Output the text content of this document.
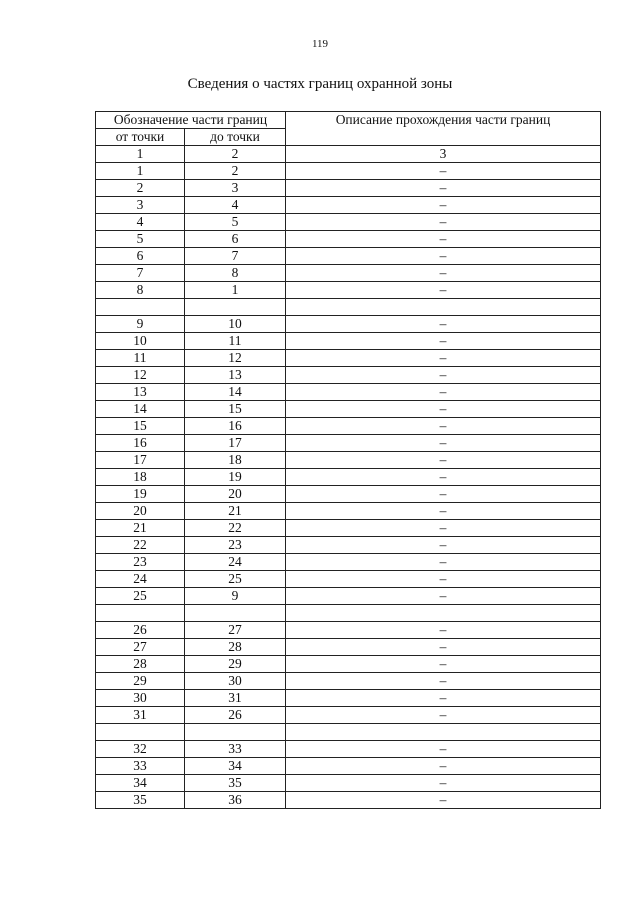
119
Сведения о частях границ охранной зоны
Обозначение части границ		Описание прохождения части границ
от точки	до точки	
1	2	3
1	2	–
2	3	–
3	4	–
4	5	–
5	6	–
6	7	–
7	8	–
8	1	–

9	10	–
10	11	–
11	12	–
12	13	–
13	14	–
14	15	–
15	16	–
16	17	–
17	18	–
18	19	–
19	20	–
20	21	–
21	22	–
22	23	–
23	24	–
24	25	–
25	9	–

26	27	–
27	28	–
28	29	–
29	30	–
30	31	–
31	26	–

32	33	–
33	34	–
34	35	–
35	36	–
